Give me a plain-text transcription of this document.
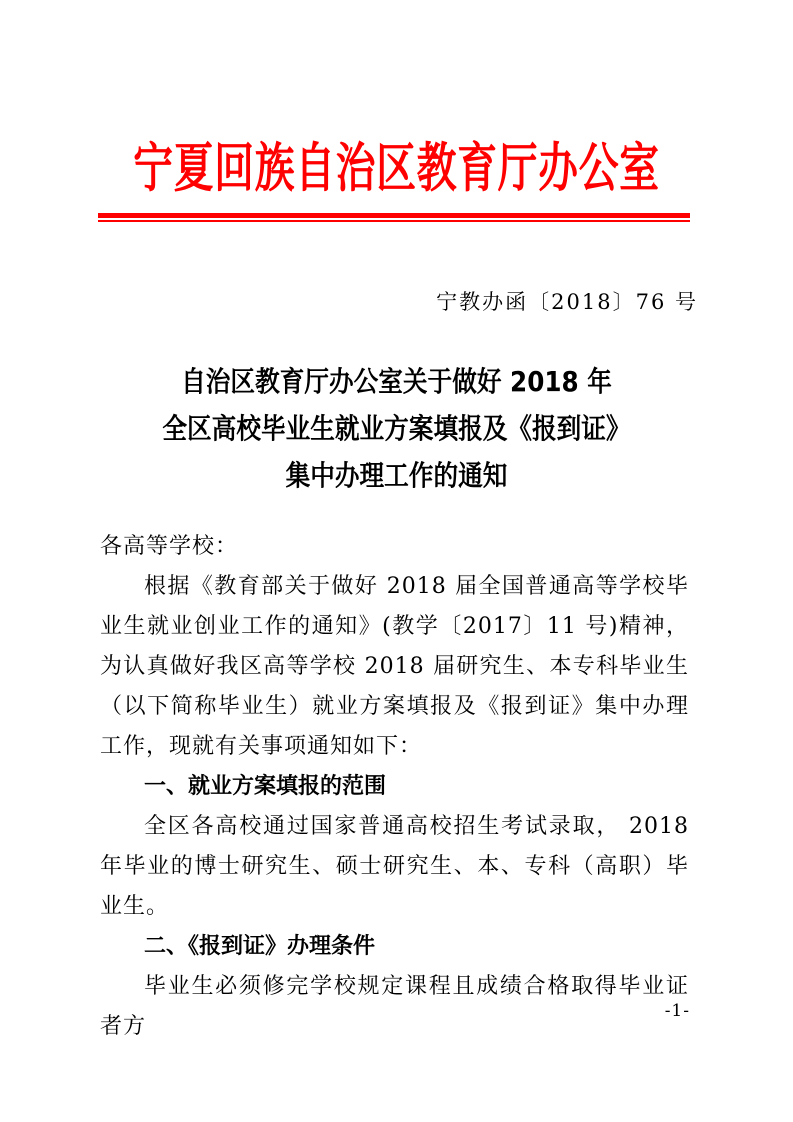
宁夏回族自治区教育厅办公室
宁教办函〔2018〕76 号
自治区教育厅办公室关于做好 2018 年
全区高校毕业生就业方案填报及《报到证》
集中办理工作的通知

各高等学校：

根据《教育部关于做好 2018 届全国普通高等学校毕业生就业创业工作的通知》(教学〔2017〕11 号)精神，为认真做好我区高等学校 2018 届研究生、本专科毕业生（以下简称毕业生）就业方案填报及《报到证》集中办理工作，现就有关事项通知如下：

一、就业方案填报的范围

全区各高校通过国家普通高校招生考试录取， 2018 年毕业的博士研究生、硕士研究生、本、专科（高职）毕业生。

二、《报到证》办理条件

毕业生必须修完学校规定课程且成绩合格取得毕业证者方

-1-
